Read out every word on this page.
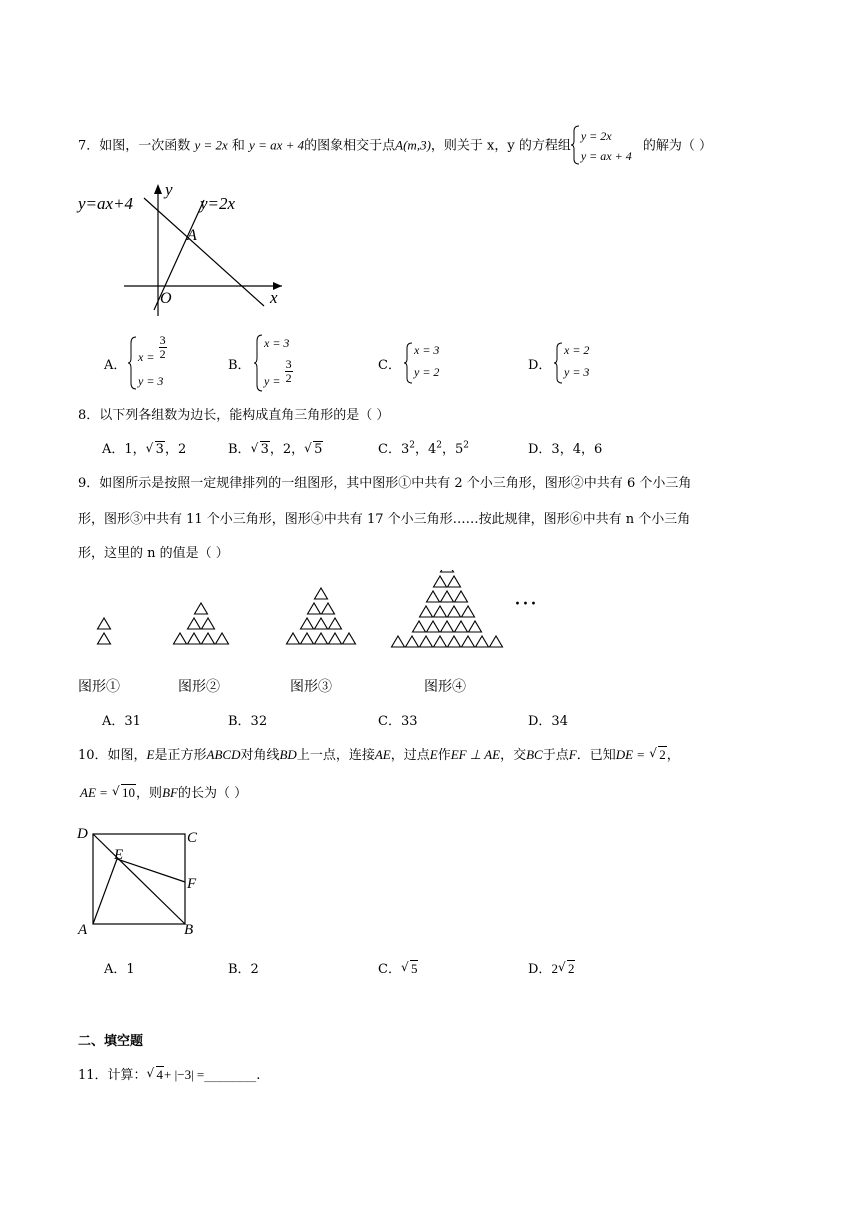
7．如图，一次函数 y = 2x 和 y = ax + 4的图象相交于点A(m,3)，则关于 x，y 的方程组
y = 2x
y = ax + 4
的解为（ ）
y=ax+4	y=2x
y
x
A
O
A．
$x = \frac{3}{2}$
y = 3
B．
x = 3
$y = \frac{3}{2}$	C．
x = 3
y = 2	D．
x = 2
y = 3
8．以下列各组数为边长，能构成直角三角形的是（ ）
A．1， √ 3，2	B． √ 3，2， √ 5	C．$3^2$，$4^2$，$5^2$	D．3，4，6
9．如图所示是按照一定规律排列的一组图形，其中图形①中共有 2 个小三角形，图形②中共有 6 个小三角
形，图形③中共有 11 个小三角形，图形④中共有 17 个小三角形……按此规律，图形⑥中共有 n 个小三角
形，这里的 n 的值是（ ）
···
图形①	图形②	图形③	图形④
A．31	B．32	C．33	D．34
10．如图，E是正方形ABCD对角线BD上一点，连接AE，过点E作EF ⊥ AE，交BC于点F．已知DE = √ 2，
AE = √ 10，则BF的长为（ ）
D	C
E
F
A	B
A．1	B．2	C． √ 5	D．2 √ 2
二、填空题
11．计算： √ 4+ |−3| =________.
